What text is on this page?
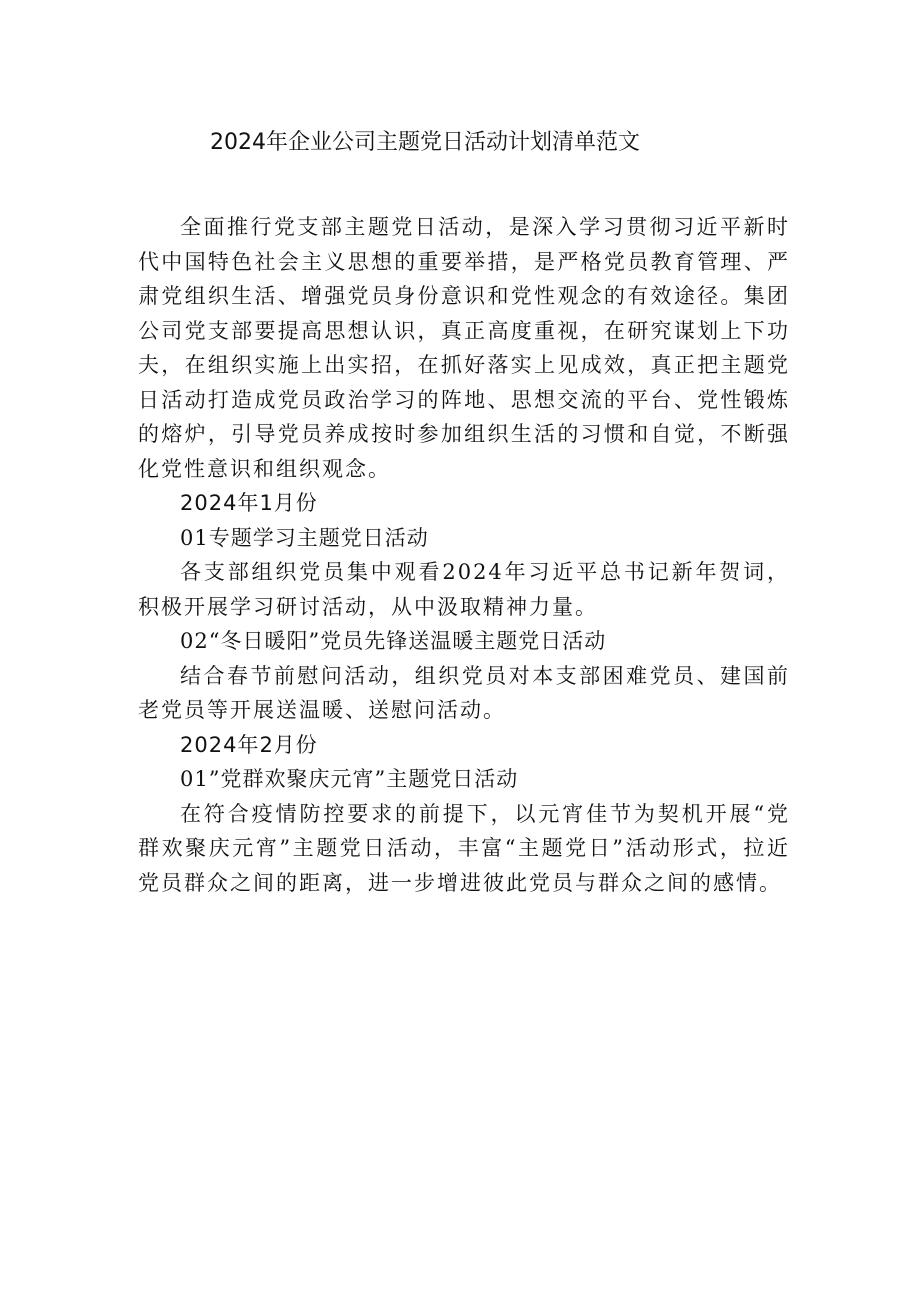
2024年企业公司主题党日活动计划清单范文

全面推行党支部主题党日活动，是深入学习贯彻习近平新时代中国特色社会主义思想的重要举措，是严格党员教育管理、严肃党组织生活、增强党员身份意识和党性观念的有效途径。集团公司党支部要提高思想认识，真正高度重视，在研究谋划上下功夫，在组织实施上出实招，在抓好落实上见成效，真正把主题党日活动打造成党员政治学习的阵地、思想交流的平台、党性锻炼的熔炉，引导党员养成按时参加组织生活的习惯和自觉，不断强化党性意识和组织观念。

2024年1月份

01专题学习主题党日活动

各支部组织党员集中观看2024年习近平总书记新年贺词，积极开展学习研讨活动，从中汲取精神力量。

02“冬日暖阳”党员先锋送温暖主题党日活动

结合春节前慰问活动，组织党员对本支部困难党员、建国前老党员等开展送温暖、送慰问活动。

2024年2月份

01”党群欢聚庆元宵”主题党日活动

在符合疫情防控要求的前提下，以元宵佳节为契机开展“党群欢聚庆元宵”主题党日活动，丰富“主题党日”活动形式，拉近党员群众之间的距离，进一步增进彼此党员与群众之间的感情。
